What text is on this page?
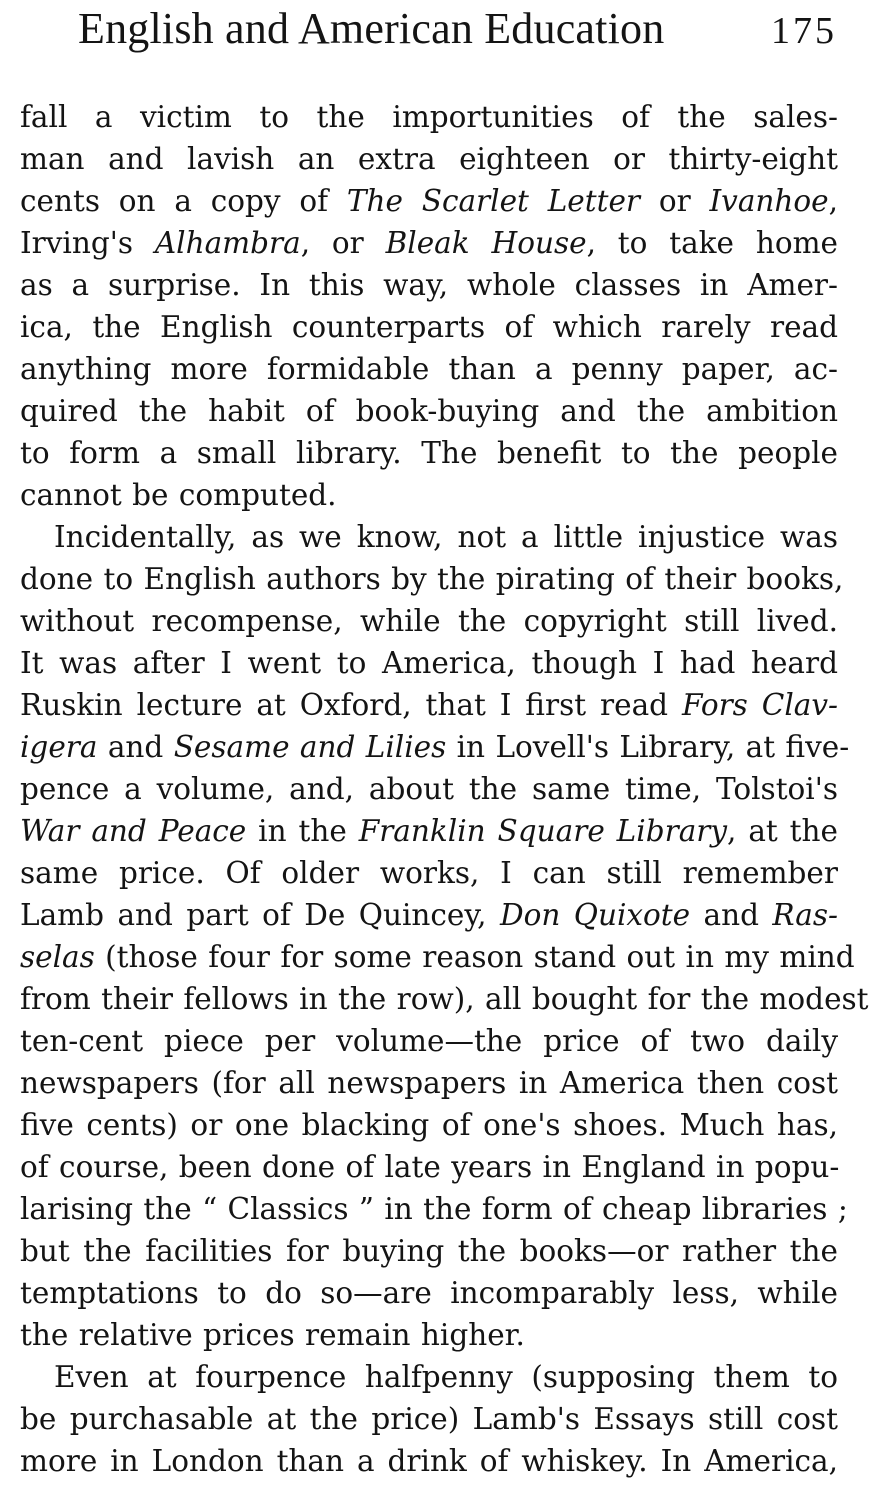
English and American Education	175
fall a victim to the importunities of the sales-
man and lavish an extra eighteen or thirty-eight
cents on a copy of The Scarlet Letter or Ivanhoe,
Irving's Alhambra, or Bleak House, to take home
as a surprise. In this way, whole classes in Amer-
ica, the English counterparts of which rarely read
anything more formidable than a penny paper, ac-
quired the habit of book-buying and the ambition
to form a small library. The benefit to the people
cannot be computed.
Incidentally, as we know, not a little injustice was
done to English authors by the pirating of their books,
without recompense, while the copyright still lived.
It was after I went to America, though I had heard
Ruskin lecture at Oxford, that I first read Fors Clav-
igera and Sesame and Lilies in Lovell's Library, at five-
pence a volume, and, about the same time, Tolstoi's
War and Peace in the Franklin Square Library, at the
same price. Of older works, I can still remember
Lamb and part of De Quincey, Don Quixote and Ras-
selas (those four for some reason stand out in my mind
from their fellows in the row), all bought for the modest
ten-cent piece per volume—the price of two daily
newspapers (for all newspapers in America then cost
five cents) or one blacking of one's shoes. Much has,
of course, been done of late years in England in popu-
larising the “ Classics ” in the form of cheap libraries ;
but the facilities for buying the books—or rather the
temptations to do so—are incomparably less, while
the relative prices remain higher.
Even at fourpence halfpenny (supposing them to
be purchasable at the price) Lamb's Essays still cost
more in London than a drink of whiskey. In America,
